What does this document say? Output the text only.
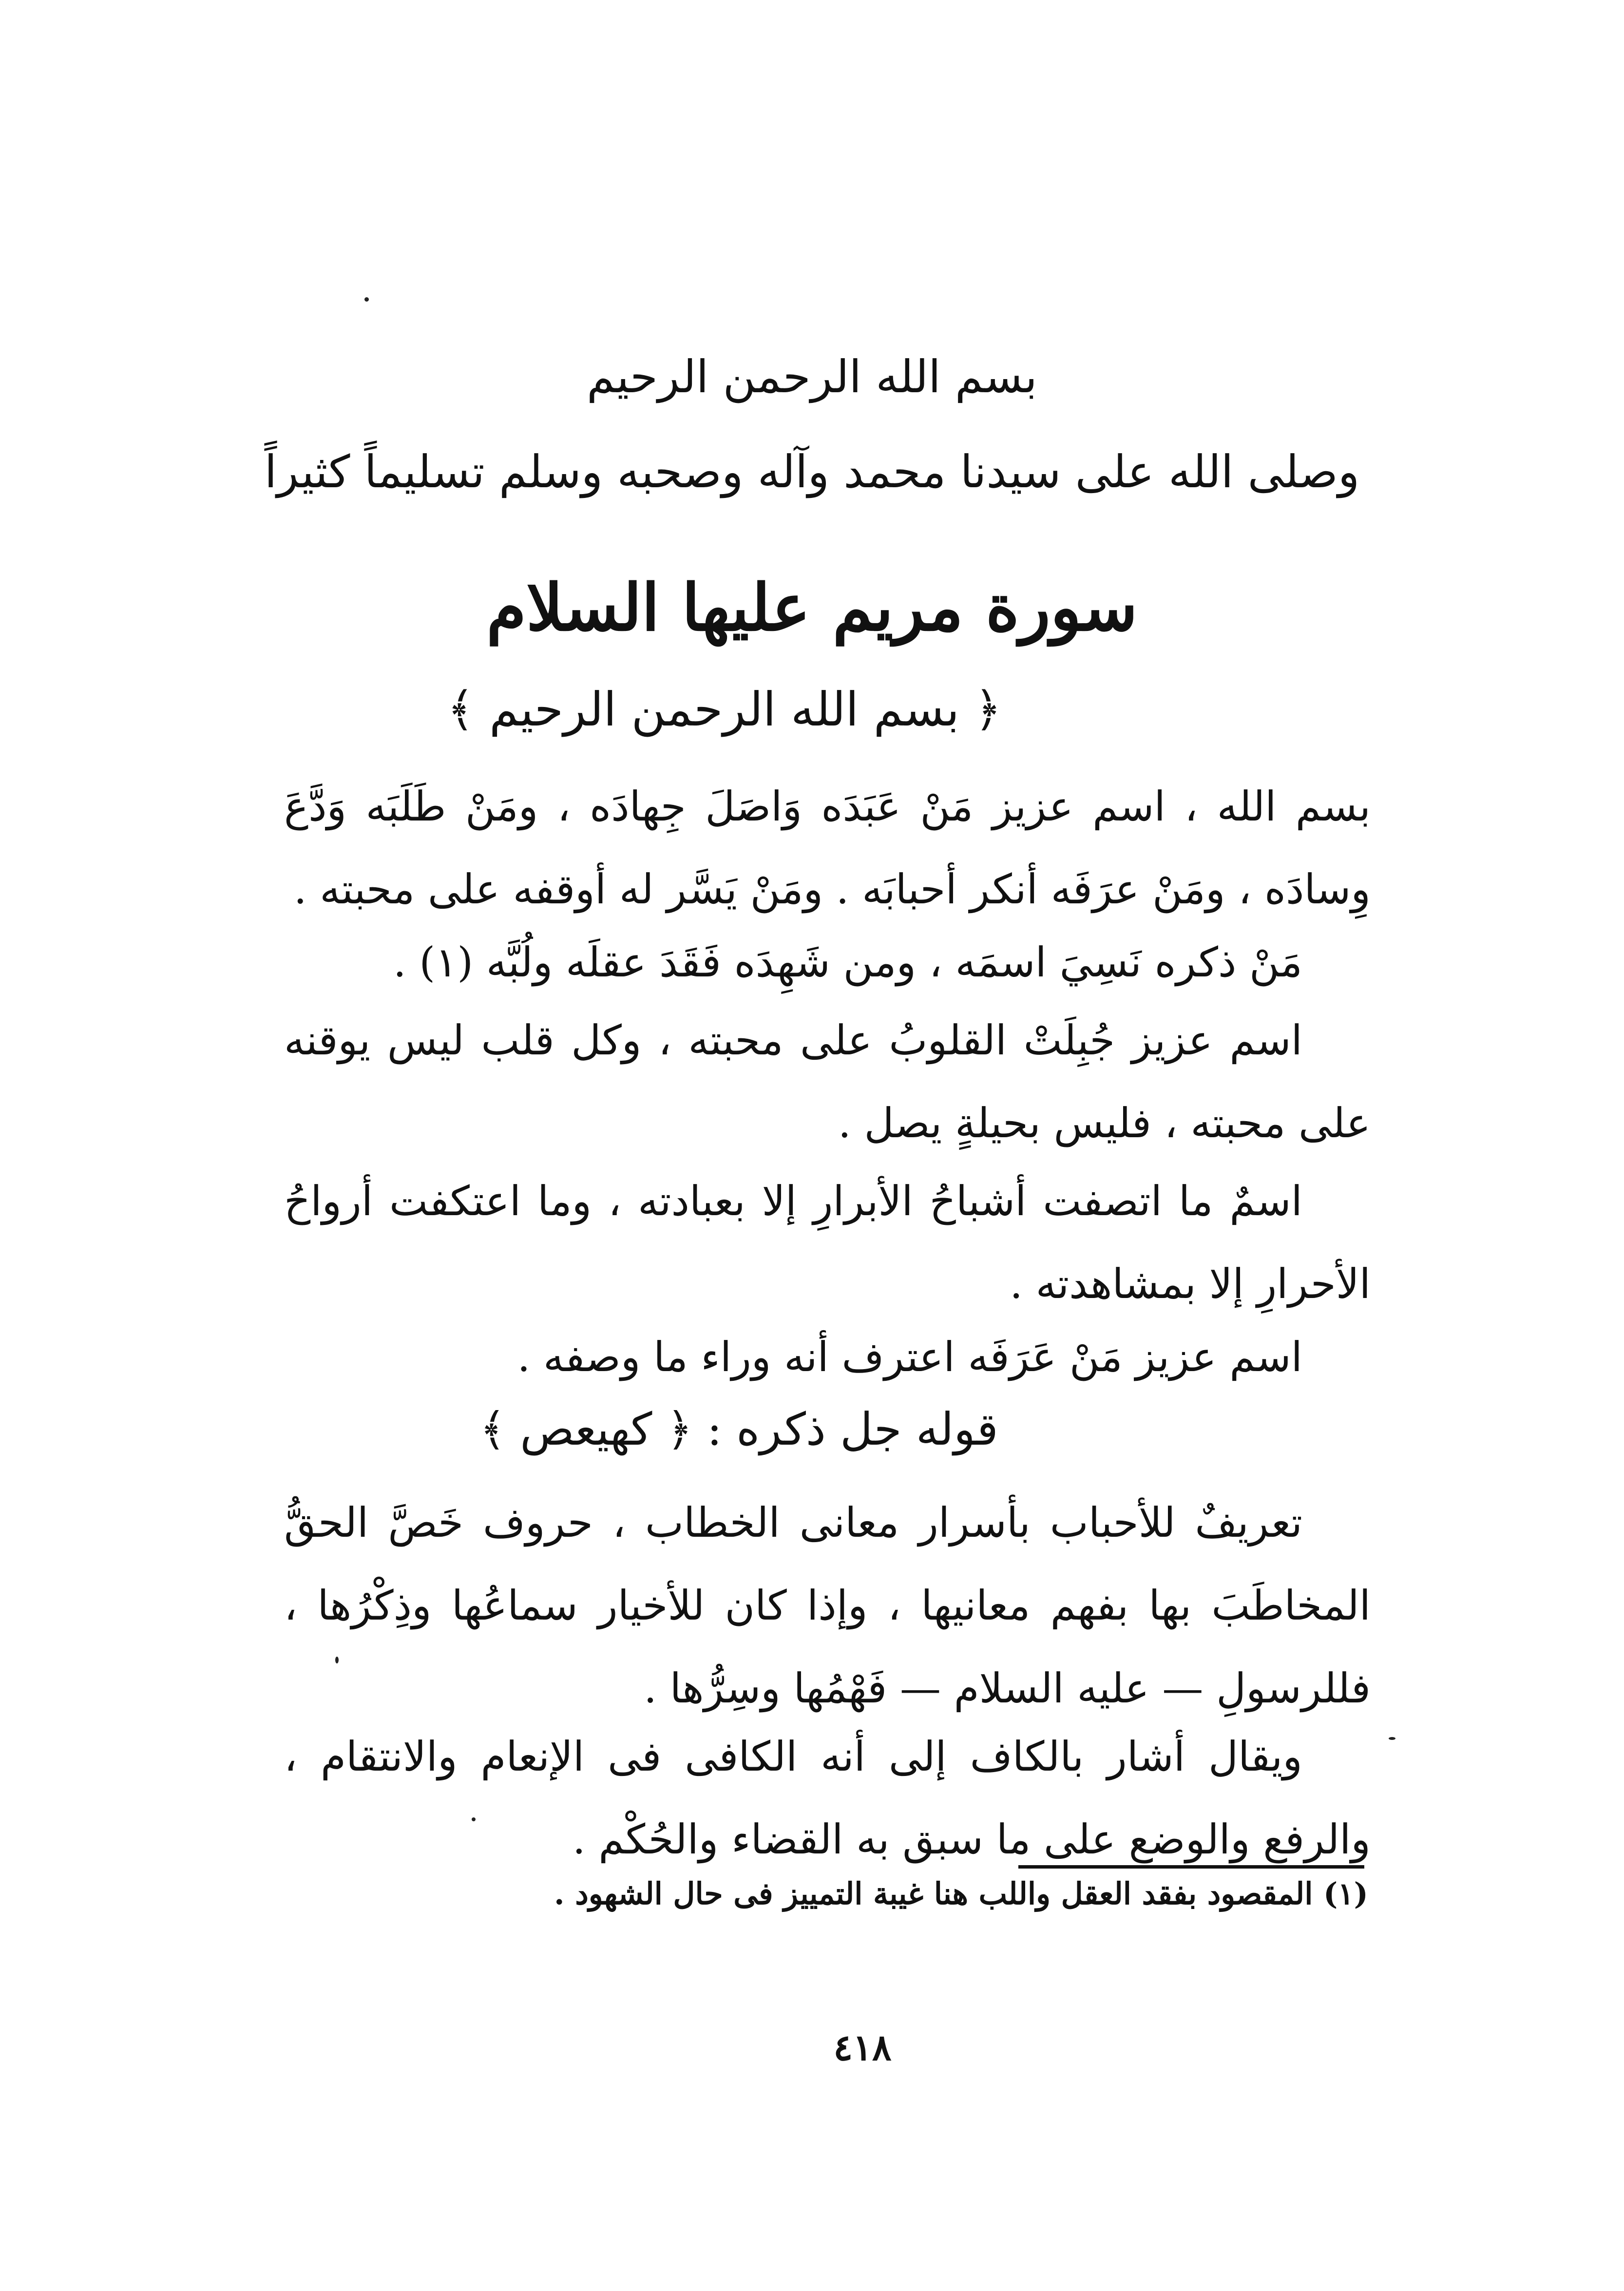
بسم الله الرحمن الرحيم
وصلى الله على سيدنا محمد وآله وصحبه وسلم تسليماً كثيراً
سورة مريم عليها السلام
﴿ بسم الله الرحمن الرحيم ﴾

بسم الله ، اسم عزيز مَنْ عَبَدَه وَاصَلَ جِهادَه ، ومَنْ طَلَبَه وَدَّعَ وِسادَه ، ومَنْ عرَفَه أنكر أحبابَه . ومَنْ يَسَّر له أوقفه على محبته .

مَنْ ذكره نَسِيَ اسمَه ، ومن شَهِدَه فَقَدَ عقلَه ولُبَّه (١) .

اسم عزيز جُبِلَتْ القلوبُ على محبته ، وكل قلب ليس يوقنه على محبته ، فليس بحيلةٍ يصل .

اسمٌ ما اتصفت أشباحُ الأبرارِ إلا بعبادته ، وما اعتكفت أرواحُ الأحرارِ إلا بمشاهدته .

اسم عزيز مَنْ عَرَفَه اعترف أنه وراء ما وصفه .

قوله جل ذكره : ﴿ كهيعص ﴾

تعريفٌ للأحباب بأسرار معانى الخطاب ، حروف خَصَّ الحقُّ المخاطَبَ بها بفهم معانيها ، وإذا كان للأخيار سماعُها وذِكْرُها ، فللرسولِ — عليه السلام — فَهْمُها وسِرُّها .

ويقال أشار بالكاف إلى أنه الكافى فى الإنعام والانتقام ، والرفع والوضع على ما سبق به القضاء والحُكْم .

(١) المقصود بفقد العقل واللب هنا غيبة التمييز فى حال الشهود .
٤١٨
